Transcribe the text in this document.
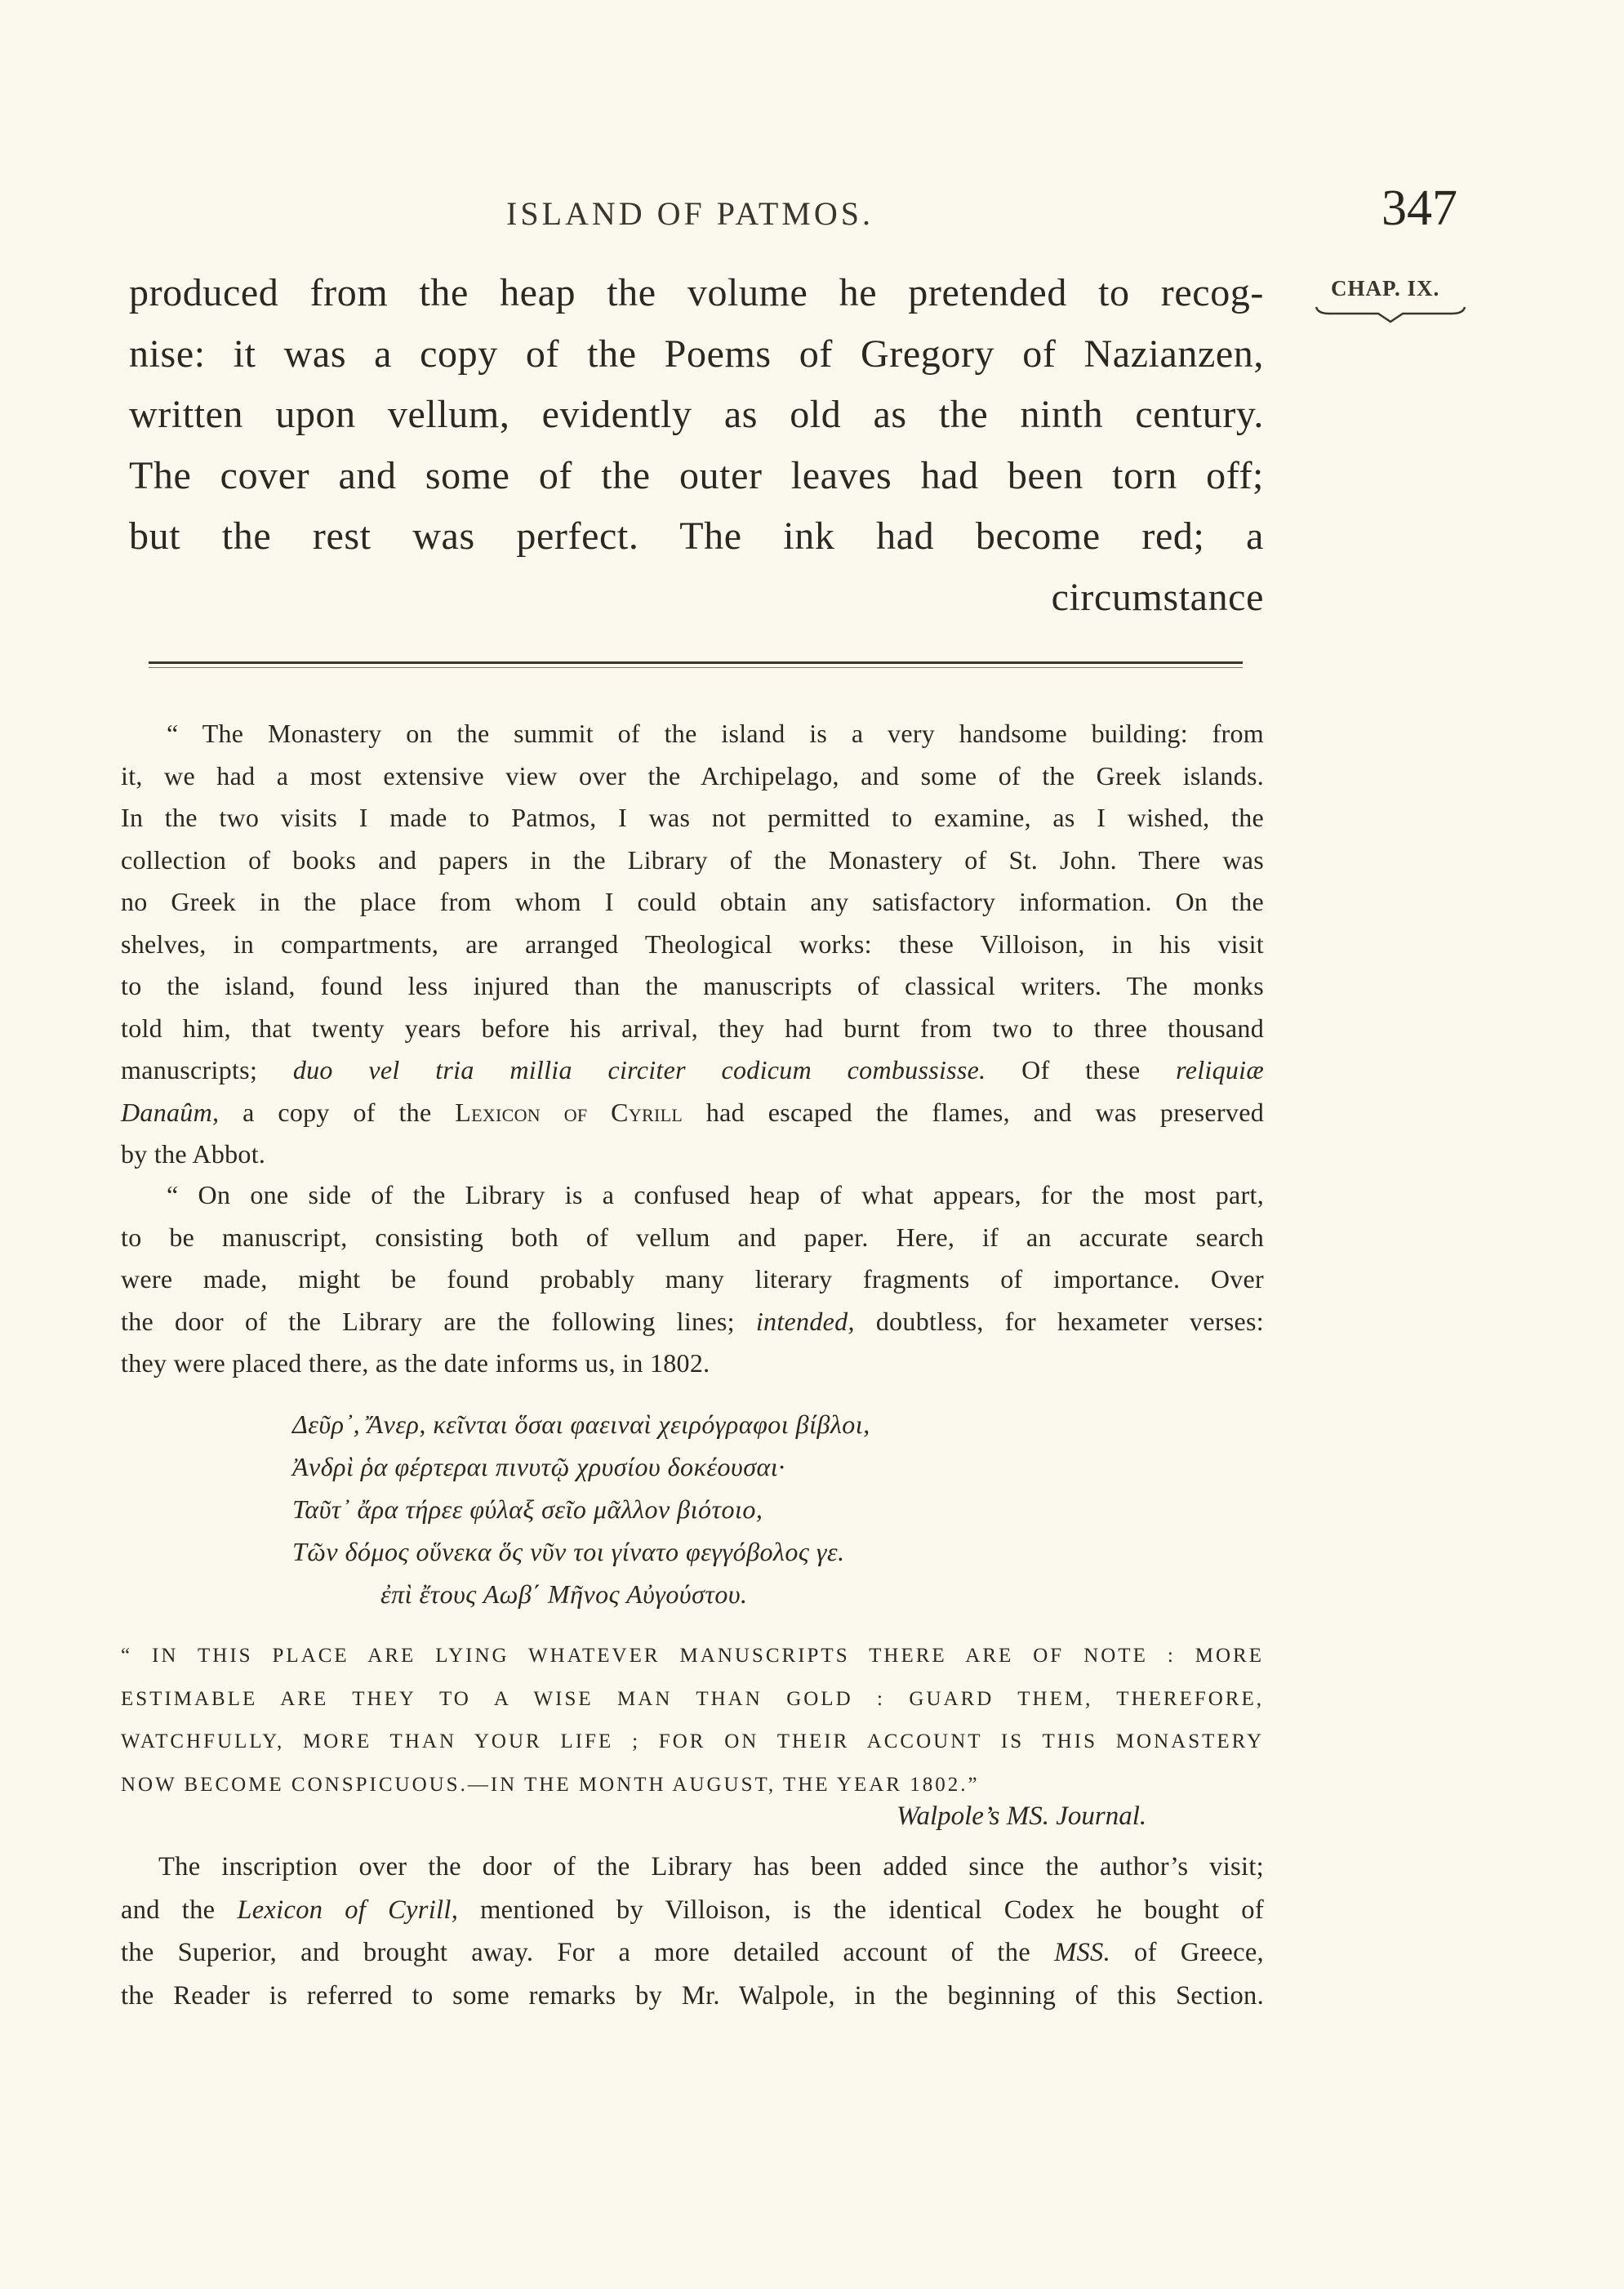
ISLAND OF PATMOS.	347
CHAP. IX.
produced from the heap the volume he pretended to recog-
nise: it was a copy of the Poems of Gregory of Nazianzen,
written upon vellum, evidently as old as the ninth century.
The cover and some of the outer leaves had been torn off;
but the rest was perfect. The ink had become red; a
circumstance
“ The Monastery on the summit of the island is a very handsome building: from
it, we had a most extensive view over the Archipelago, and some of the Greek islands.
In the two visits I made to Patmos, I was not permitted to examine, as I wished, the
collection of books and papers in the Library of the Monastery of St. John. There was
no Greek in the place from whom I could obtain any satisfactory information. On the
shelves, in compartments, are arranged Theological works: these Villoison, in his visit
to the island, found less injured than the manuscripts of classical writers. The monks
told him, that twenty years before his arrival, they had burnt from two to three thousand
manuscripts; duo vel tria millia circiter codicum combussisse. Of these reliquiæ
Danaûm, a copy of the Lexicon of Cyrill had escaped the flames, and was preserved
by the Abbot.
“ On one side of the Library is a confused heap of what appears, for the most part,
to be manuscript, consisting both of vellum and paper. Here, if an accurate search
were made, might be found probably many literary fragments of importance. Over
the door of the Library are the following lines; intended, doubtless, for hexameter verses:
they were placed there, as the date informs us, in 1802.
Δεῦρ᾽, Ἄνερ, κεῖνται ὅσαι φαειναὶ χειρόγραφοι βίβλοι,
Ἀνδρὶ ῥα φέρτεραι πινυτῷ χρυσίου δοκέουσαι·
Ταῦτ᾽ ἄρα τήρεε φύλαξ σεῖο μᾶλλον βιότοιο,
Τῶν δόμος οὕνεκα ὅς νῦν τοι γίνατο φεγγόβολος γε.
ἐπὶ ἔτους Αωβ΄ Μῆνος Αὐγούστου.
“ IN THIS PLACE ARE LYING WHATEVER MANUSCRIPTS THERE ARE OF NOTE : MORE
ESTIMABLE ARE THEY TO A WISE MAN THAN GOLD : GUARD THEM, THEREFORE,
WATCHFULLY, MORE THAN YOUR LIFE ; FOR ON THEIR ACCOUNT IS THIS MONASTERY
NOW BECOME CONSPICUOUS.—IN THE MONTH AUGUST, THE YEAR 1802.”
Walpole’s MS. Journal.
The inscription over the door of the Library has been added since the author’s visit;
and the Lexicon of Cyrill, mentioned by Villoison, is the identical Codex he bought of
the Superior, and brought away. For a more detailed account of the MSS. of Greece,
the Reader is referred to some remarks by Mr. Walpole, in the beginning of this Section.
